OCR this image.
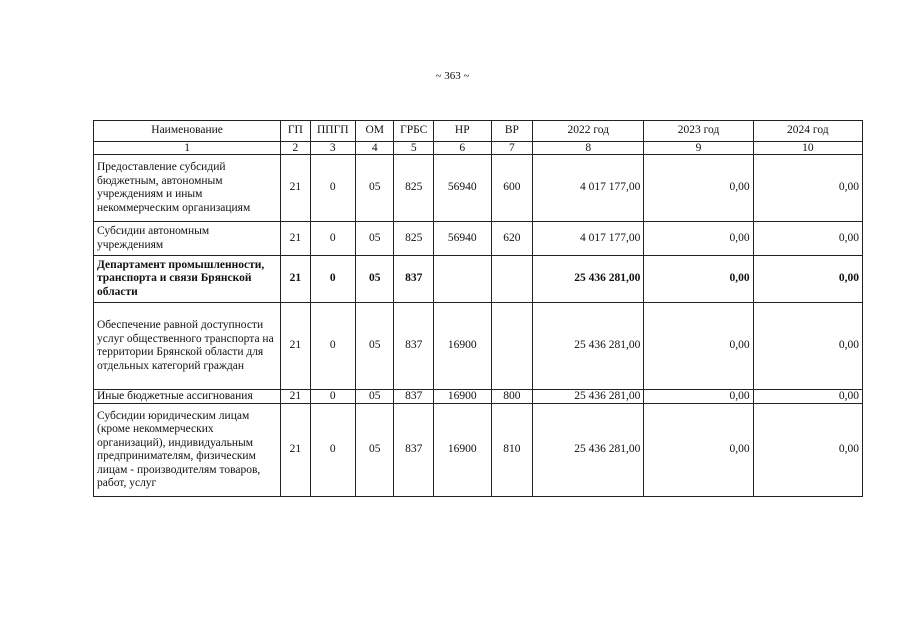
~ 363 ~
Наименование	ГП	ППГП	ОМ	ГРБС	НР	ВР	2022 год	2023 год	2024 год
1	2	3	4	5	6	7	8	9	10
Предоставление субсидий бюджетным, автономным учреждениям и иным некоммерческим организациям	21	0	05	825	56940	600	4 017 177,00	0,00	0,00
Субсидии автономным учреждениям	21	0	05	825	56940	620	4 017 177,00	0,00	0,00
Департамент промышленности, транспорта и связи Брянской области	21	0	05	837			25 436 281,00	0,00	0,00
Обеспечение равной доступности услуг общественного транспорта на территории Брянской области для отдельных категорий граждан	21	0	05	837	16900		25 436 281,00	0,00	0,00
Иные бюджетные ассигнования	21	0	05	837	16900	800	25 436 281,00	0,00	0,00
Субсидии юридическим лицам (кроме некоммерческих организаций), индивидуальным предпринимателям, физическим лицам - производителям товаров, работ, услуг	21	0	05	837	16900	810	25 436 281,00	0,00	0,00
